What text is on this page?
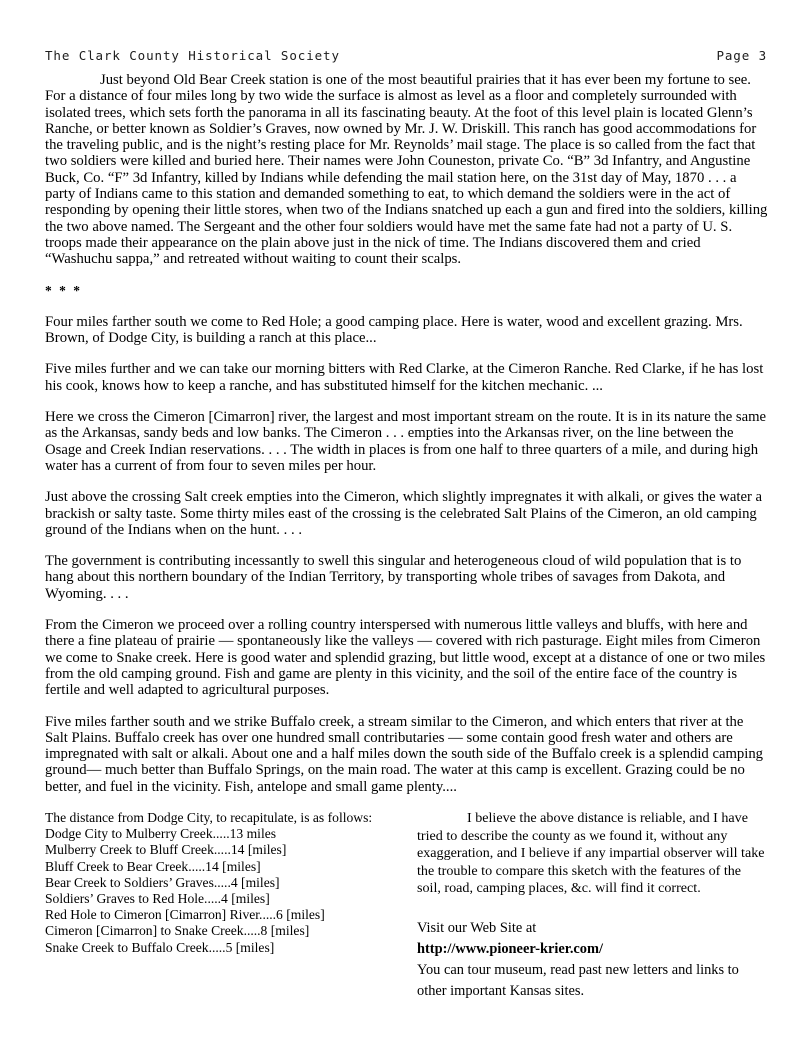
The Clark County Historical Society	Page 3

Just beyond Old Bear Creek station is one of the most beautiful prairies that it has ever been my fortune to see. For a distance of four miles long by two wide the surface is almost as level as a floor and completely surrounded with isolated trees, which sets forth the panorama in all its fascinating beauty. At the foot of this level plain is located Glenn’s Ranche, or better known as Soldier’s Graves, now owned by Mr. J. W. Driskill. This ranch has good accommodations for the traveling public, and is the night’s resting place for Mr. Reynolds’ mail stage. The place is so called from the fact that two soldiers were killed and buried here. Their names were John Couneston, private Co. “B” 3d Infantry, and Angustine Buck, Co. “F” 3d Infantry, killed by Indians while defending the mail station here, on the 31st day of May, 1870 . . . a party of Indians came to this station and demanded something to eat, to which demand the soldiers were in the act of responding by opening their little stores, when two of the Indians snatched up each a gun and fired into the soldiers, killing the two above named. The Sergeant and the other four soldiers would have met the same fate had not a party of U. S. troops made their appearance on the plain above just in the nick of time. The Indians discovered them and cried “Washuchu sappa,” and retreated without waiting to count their scalps.

* * *

Four miles farther south we come to Red Hole; a good camping place. Here is water, wood and excellent grazing. Mrs. Brown, of Dodge City, is building a ranch at this place...

Five miles further and we can take our morning bitters with Red Clarke, at the Cimeron Ranche. Red Clarke, if he has lost his cook, knows how to keep a ranche, and has substituted himself for the kitchen mechanic. ...

Here we cross the Cimeron [Cimarron] river, the largest and most important stream on the route. It is in its nature the same as the Arkansas, sandy beds and low banks. The Cimeron . . . empties into the Arkansas river, on the line between the Osage and Creek Indian reservations. . . . The width in places is from one half to three quarters of a mile, and during high water has a current of from four to seven miles per hour.

Just above the crossing Salt creek empties into the Cimeron, which slightly impregnates it with alkali, or gives the water a brackish or salty taste. Some thirty miles east of the crossing is the celebrated Salt Plains of the Cimeron, an old camping ground of the Indians when on the hunt. . . .

The government is contributing incessantly to swell this singular and heterogeneous cloud of wild population that is to hang about this northern boundary of the Indian Territory, by transporting whole tribes of savages from Dakota, and Wyoming. . . .

From the Cimeron we proceed over a rolling country interspersed with numerous little valleys and bluffs, with here and there a fine plateau of prairie — spontaneously like the valleys — covered with rich pasturage. Eight miles from Cimeron we come to Snake creek. Here is good water and splendid grazing, but little wood, except at a distance of one or two miles from the old camping ground. Fish and game are plenty in this vicinity, and the soil of the entire face of the country is fertile and well adapted to agricultural purposes.

Five miles farther south and we strike Buffalo creek, a stream similar to the Cimeron, and which enters that river at the Salt Plains. Buffalo creek has over one hundred small contributaries — some contain good fresh water and others are impregnated with salt or alkali. About one and a half miles down the south side of the Buffalo creek is a splendid camping ground— much better than Buffalo Springs, on the main road. The water at this camp is excellent. Grazing could be no better, and fuel in the vicinity. Fish, antelope and small game plenty....

The distance from Dodge City, to recapitulate, is as follows:
Dodge City to Mulberry Creek.....13 miles
Mulberry Creek to Bluff Creek.....14 [miles]
Bluff Creek to Bear Creek.....14 [miles]
Bear Creek to Soldiers’ Graves.....4 [miles]
Soldiers’ Graves to Red Hole.....4 [miles]
Red Hole to Cimeron [Cimarron] River.....6 [miles]
Cimeron [Cimarron] to Snake Creek.....8 [miles]
Snake Creek to Buffalo Creek.....5 [miles]

I believe the above distance is reliable, and I have tried to describe the county as we found it, without any exaggeration, and I believe if any impartial observer will take the trouble to compare this sketch with the features of the soil, road, camping places, &c. will find it correct.

Visit our Web Site at
http://www.pioneer-krier.com/
You can tour museum, read past new letters and links to other important Kansas sites.
